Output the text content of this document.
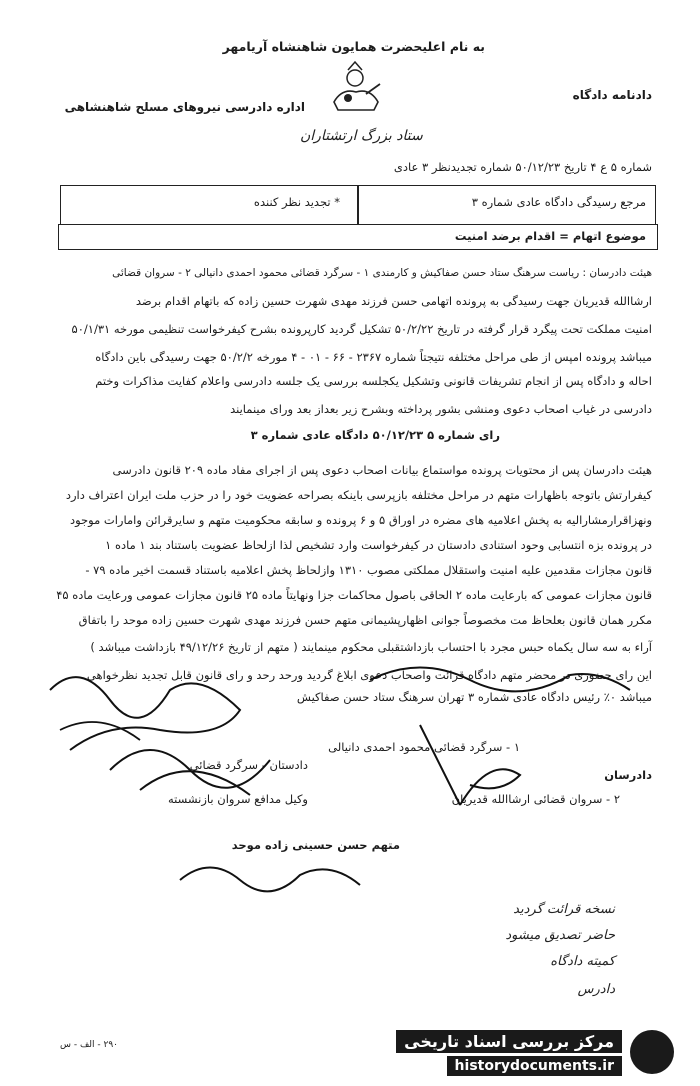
به نام اعلیحضرت همایون شاهنشاه آریامهر
ستاد بزرگ ارتشتاران
اداره دادرسی نیروهای مسلح شاهنشاهی
دادنامه دادگاه
شماره ۵ ع ۴ تاریخ ۵۰/۱۲/۲۳ شماره تجدیدنظر ۳ عادی
مرجع رسیدگی دادگاه عادی شماره ۳
* تجدید نظر کننده
موضوع اتهام = اقدام برضد امنیت
هیئت دادرسان : ریاست سرهنگ ستاد حسن صفاکیش و کارمندی ۱ - سرگرد قضائی محمود احمدی دانیالی ۲ - سروان قضائی
ارشاالله قدیریان جهت رسیدگی به پرونده اتهامی حسن فرزند مهدی شهرت حسین زاده که باتهام اقدام برضد
امنیت مملکت تحت پیگرد قرار گرفته در تاریخ ۵۰/۲/۲۲ تشکیل گردید کارپرونده بشرح کیفرخواست تنظیمی مورخه ۵۰/۱/۳۱
میباشد پرونده امپس از طی مراحل مختلفه نتیجتاً شماره ۲۳۶۷ - ۶۶ - ۰۱ - ۴ مورخه ۵۰/۲/۲ جهت رسیدگی باین دادگاه
احاله و دادگاه پس از انجام تشریفات قانونی وتشکیل یکجلسه بررسی یک جلسه دادرسی واعلام کفایت مذاکرات وختم
دادرسی در غیاب اصحاب دعوی ومنشی بشور پرداخته وبشرح زیر بعداز بعد ورای مینمایند
رای شماره ۵ ۵۰/۱۲/۲۳ دادگاه عادی شماره ۳
هیئت دادرسان پس از محتویات پرونده مواستماع بیانات اصحاب دعوی پس از اجرای مفاد ماده ۲۰۹ قانون دادرسی
کیفرارتش باتوجه باظهارات متهم در مراحل مختلفه بازپرسی باینکه بصراحه عضویت خود را در حزب ملت ایران اعتراف دارد
ونهزاقرارمشارالیه به پخش اعلامیه های مضره در اوراق ۵ و ۶ پرونده و سابقه محکومیت متهم و سایرقرائن وامارات موجود
در پرونده بزه انتسابی وحود استنادی دادستان در کیفرخواست وارد تشخیص لذا ازلحاظ عضویت باستناد بند ۱ ماده ۱
قانون مجازات مقدمین علیه امنیت واستقلال مملکتی مصوب ۱۳۱۰ وازلحاظ پخش اعلامیه باستناد قسمت اخیر ماده ۷۹ -
قانون مجازات عمومی که بارعایت ماده ۲ الحاقی باصول محاکمات جزا ونهایتاً ماده ۲۵ قانون مجازات عمومی ورعایت ماده ۴۵
مکرر همان قانون بعلحاظ مت مخصوصاً جوانی اظهارپشیمانی متهم حسن فرزند مهدی شهرت حسین زاده موحد را باتفاق
آراء به سه سال یکماه حبس مجرد با احتساب بازداشتقبلی محکوم مینمایند ( متهم از تاریخ ۴۹/۱۲/۲۶ بازداشت میباشد )
این رای حضوری در محضر متهم دادگاه قرائت واصحاب دعوی ابلاغ گردید ورحد رحد و رای قانون قابل تجدید نظرخواهی
میباشد ۰٪ رئیس دادگاه عادی شماره ۳ تهران سرهنگ ستاد حسن صفاکیش
۱ - سرگرد قضائی محمود احمدی دانیالی
دادرسان
دادستان - سرگرد قضائی
۲ - سروان قضائی ارشاالله قدیریان
وکیل مدافع سروان بازنشسته
متهم حسن حسینی زاده موحد
نسخه قرائت گردید
حاضر تصدیق میشود
کمیته دادگاه
دادرس
۲۹۰ - الف - س	مرکز بررسی اسناد تاریخی
historydocuments.ir
